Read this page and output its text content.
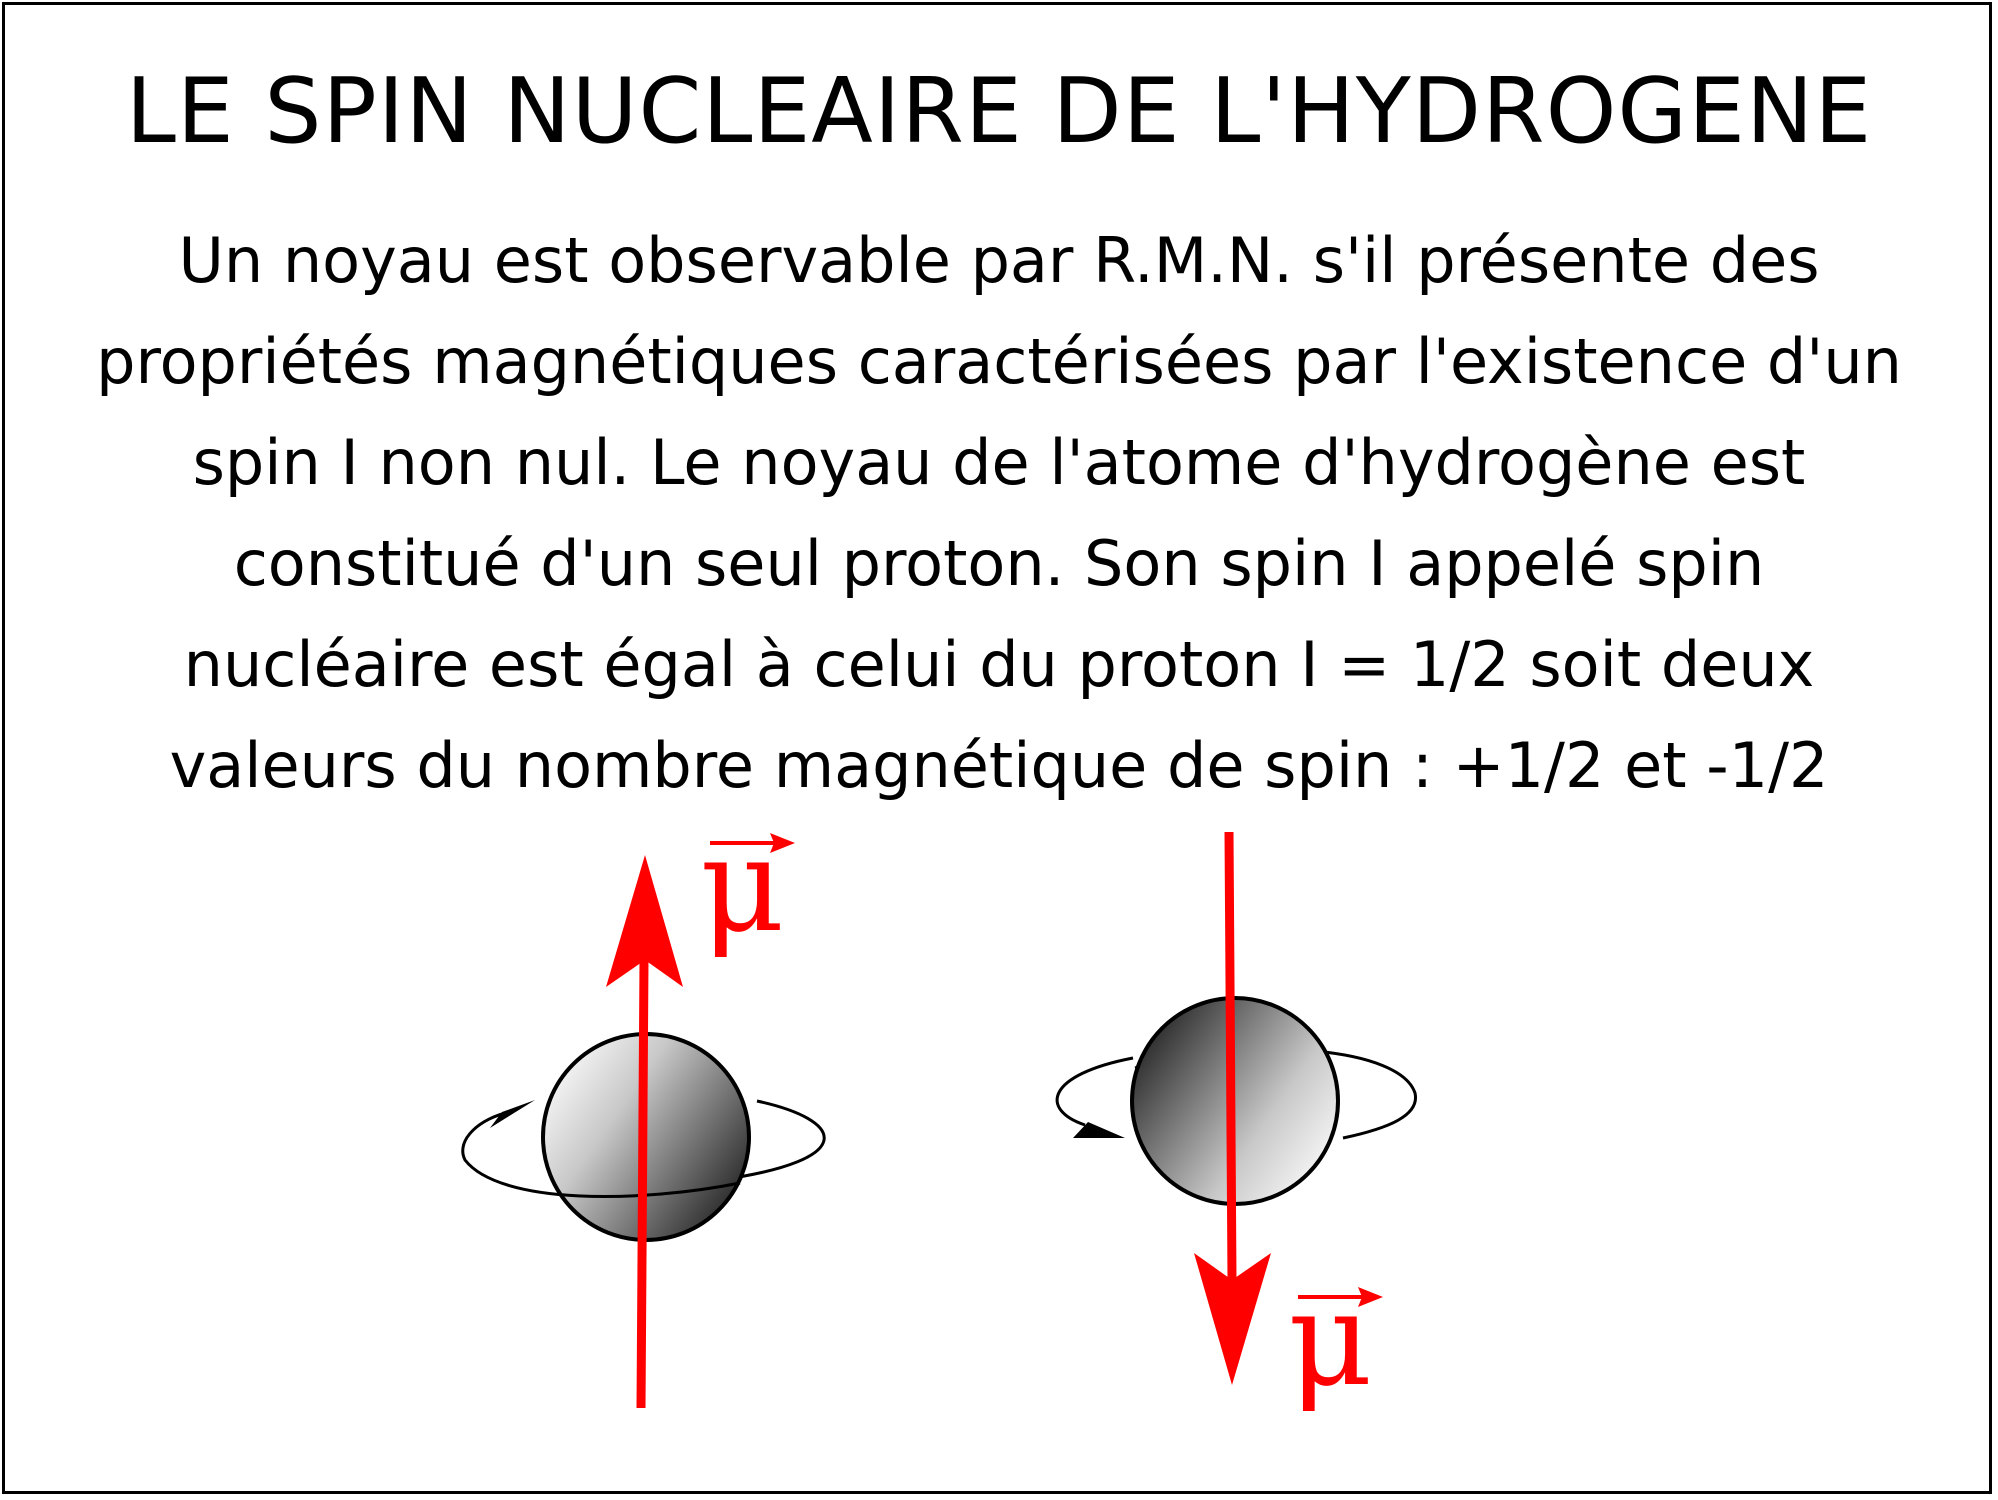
LE SPIN NUCLEAIRE DE L'HYDROGENE
Un noyau est observable par R.M.N. s'il présente des
propriétés magnétiques caractérisées par l'existence d'un
spin I non nul. Le noyau de l'atome d'hydrogène est
constitué d'un seul proton. Son spin I appelé spin
nucléaire est égal à celui du proton I = 1/2 soit deux
valeurs du nombre magnétique de spin : +1/2 et -1/2
μ
μ
